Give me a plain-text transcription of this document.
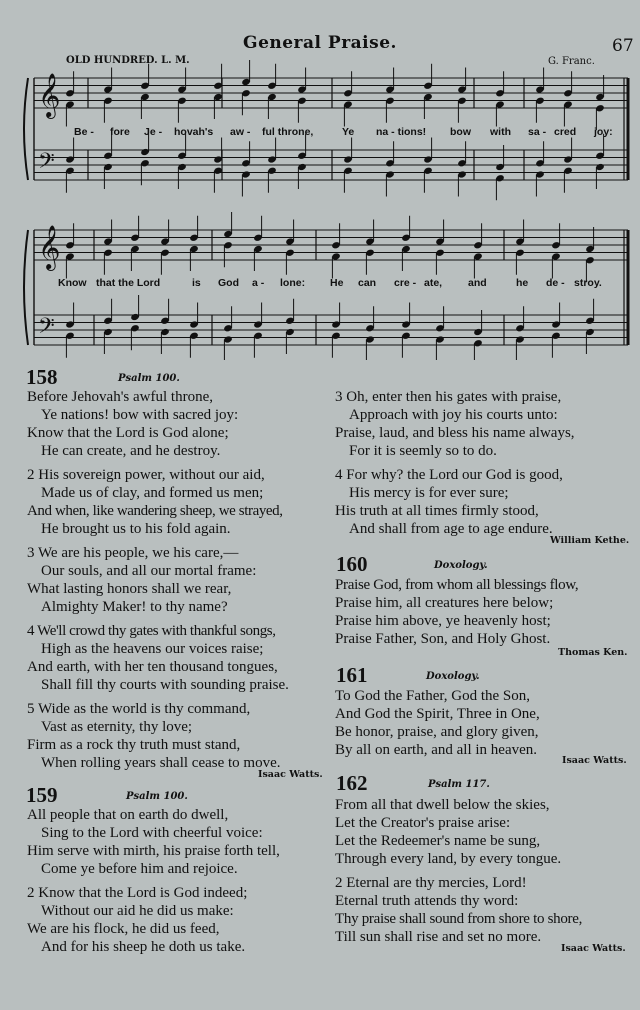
General Praise.	67
OLD HUNDRED. L. M.	G. Franc.
𝄞
𝄢
𝄞
𝄢
Be - fore Je - hovah's aw - ful throne,	Ye na - tions! bow with sa - cred joy:
Know that the Lord	is God a - lone: He can cre - ate, and	he de - stroy.
158	Psalm 100.
Before Jehovah's awful throne,
Ye nations! bow with sacred joy:
Know that the Lord is God alone;
He can create, and he destroy.
2 His sovereign power, without our aid,
Made us of clay, and formed us men;
And when, like wandering sheep, we strayed,
He brought us to his fold again.
3 We are his people, we his care,—
Our souls, and all our mortal frame:
What lasting honors shall we rear,
Almighty Maker! to thy name?
4 We'll crowd thy gates with thankful songs,
High as the heavens our voices raise;
And earth, with her ten thousand tongues,
Shall fill thy courts with sounding praise.
5 Wide as the world is thy command,
Vast as eternity, thy love;
Firm as a rock thy truth must stand,
When rolling years shall cease to move.
Isaac Watts.
159	Psalm 100.
All people that on earth do dwell,
Sing to the Lord with cheerful voice:
Him serve with mirth, his praise forth tell,
Come ye before him and rejoice.
2 Know that the Lord is God indeed;
Without our aid he did us make:
We are his flock, he did us feed,
And for his sheep he doth us take.
3 Oh, enter then his gates with praise,
Approach with joy his courts unto:
Praise, laud, and bless his name always,
For it is seemly so to do.
4 For why? the Lord our God is good,
His mercy is for ever sure;
His truth at all times firmly stood,
And shall from age to age endure.
William Kethe.
160	Doxology.
Praise God, from whom all blessings flow,
Praise him, all creatures here below;
Praise him above, ye heavenly host;
Praise Father, Son, and Holy Ghost.
Thomas Ken.
161	Doxology.
To God the Father, God the Son,
And God the Spirit, Three in One,
Be honor, praise, and glory given,
By all on earth, and all in heaven.
Isaac Watts.
162	Psalm 117.
From all that dwell below the skies,
Let the Creator's praise arise:
Let the Redeemer's name be sung,
Through every land, by every tongue.
2 Eternal are thy mercies, Lord!
Eternal truth attends thy word:
Thy praise shall sound from shore to shore,
Till sun shall rise and set no more.
Isaac Watts.
